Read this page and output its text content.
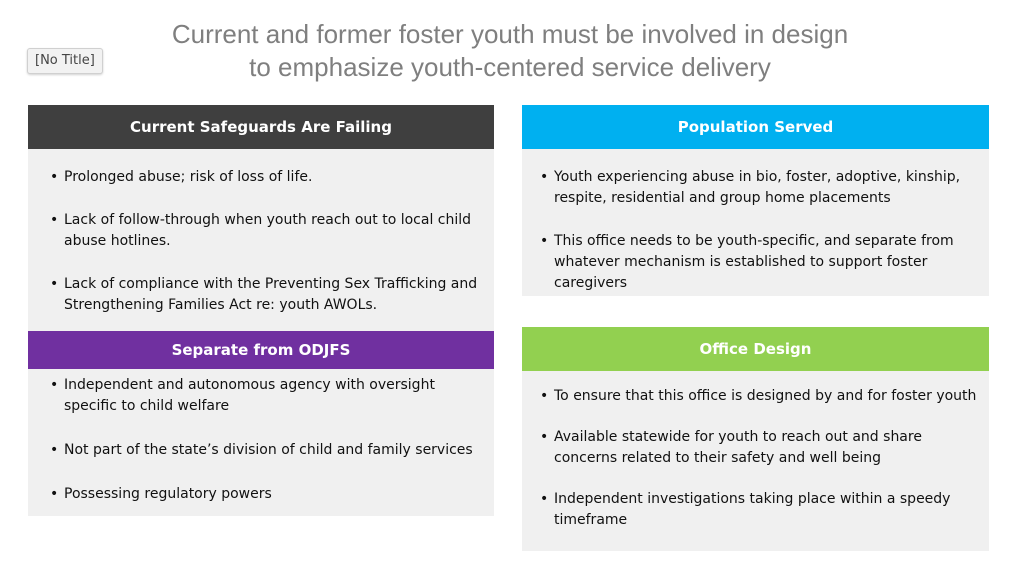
[No Title]
Current and former foster youth must be involved in design
to emphasize youth-centered service delivery
Current Safeguards Are Failing
• Prolonged abuse; risk of loss of life.
• Lack of follow-through when youth reach out to local child abuse hotlines.
• Lack of compliance with the Preventing Sex Trafficking and Strengthening Families Act re: youth AWOLs.
Separate from ODJFS
• Independent and autonomous agency with oversight specific to child welfare
• Not part of the state’s division of child and family services
• Possessing regulatory powers
Population Served
• Youth experiencing abuse in bio, foster, adoptive, kinship, respite, residential and group home placements
• This office needs to be youth-specific, and separate from whatever mechanism is established to support foster caregivers
Office Design
• To ensure that this office is designed by and for foster youth
• Available statewide for youth to reach out and share concerns related to their safety and well being
• Independent investigations taking place within a speedy timeframe
